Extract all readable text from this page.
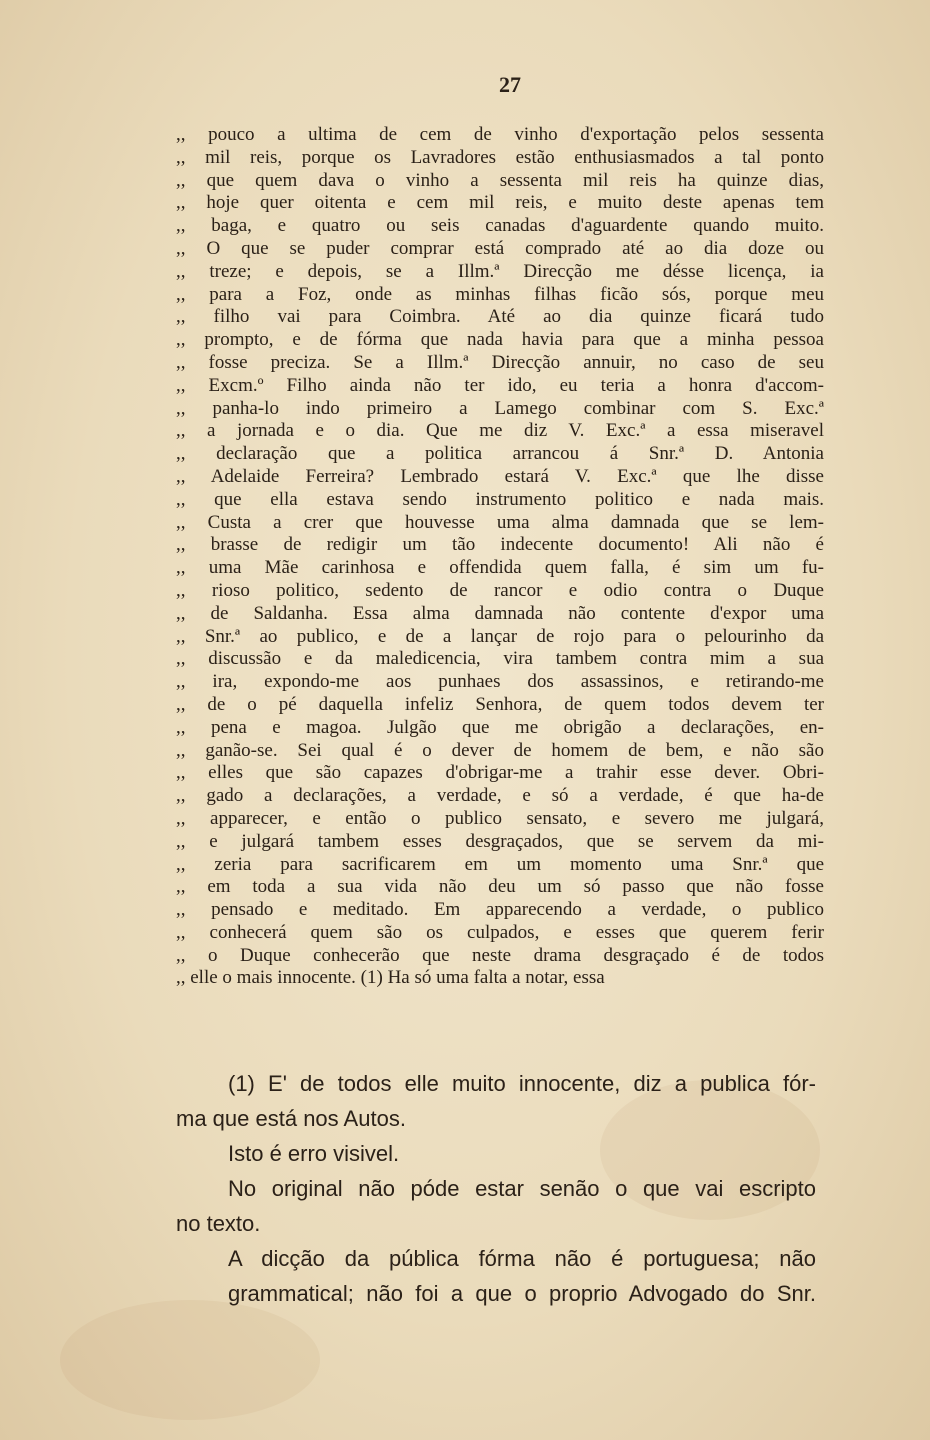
27
,, pouco a ultima de cem de vinho d'exportação pelos sessenta
,, mil reis, porque os Lavradores estão enthusiasmados a tal ponto
,, que quem dava o vinho a sessenta mil reis ha quinze dias,
,, hoje quer oitenta e cem mil reis, e muito deste apenas tem
,, baga, e quatro ou seis canadas d'aguardente quando muito.
,, O que se puder comprar está comprado até ao dia doze ou
,, treze; e depois, se a Illm.ª Direcção me désse licença, ia
,, para a Foz, onde as minhas filhas ficão sós, porque meu
,, filho vai para Coimbra. Até ao dia quinze ficará tudo
,, prompto, e de fórma que nada havia para que a minha pessoa
,, fosse preciza. Se a Illm.ª Direcção annuir, no caso de seu
,, Excm.º Filho ainda não ter ido, eu teria a honra d'accom-
,, panha-lo indo primeiro a Lamego combinar com S. Exc.ª
,, a jornada e o dia. Que me diz V. Exc.ª a essa miseravel
,, declaração que a politica arrancou á Snr.ª D. Antonia
,, Adelaide Ferreira? Lembrado estará V. Exc.ª que lhe disse
,, que ella estava sendo instrumento politico e nada mais.
,, Custa a crer que houvesse uma alma damnada que se lem-
,, brasse de redigir um tão indecente documento! Ali não é
,, uma Mãe carinhosa e offendida quem falla, é sim um fu-
,, rioso politico, sedento de rancor e odio contra o Duque
,, de Saldanha. Essa alma damnada não contente d'expor uma
,, Snr.ª ao publico, e de a lançar de rojo para o pelourinho da
,, discussão e da maledicencia, vira tambem contra mim a sua
,, ira, expondo-me aos punhaes dos assassinos, e retirando-me
,, de o pé daquella infeliz Senhora, de quem todos devem ter
,, pena e magoa. Julgão que me obrigão a declarações, en-
,, ganão-se. Sei qual é o dever de homem de bem, e não são
,, elles que são capazes d'obrigar-me a trahir esse dever. Obri-
,, gado a declarações, a verdade, e só a verdade, é que ha-de
,, apparecer, e então o publico sensato, e severo me julgará,
,, e julgará tambem esses desgraçados, que se servem da mi-
,, zeria para sacrificarem em um momento uma Snr.ª que
,, em toda a sua vida não deu um só passo que não fosse
,, pensado e meditado. Em apparecendo a verdade, o publico
,, conhecerá quem são os culpados, e esses que querem ferir
,, o Duque conhecerão que neste drama desgraçado é de todos
,, elle o mais innocente. (1) Ha só uma falta a notar, essa
(1) E' de todos elle muito innocente, diz a publica fór-
ma que está nos Autos.
Isto é erro visivel.
No original não póde estar senão o que vai escripto
no texto.
A dicção da pública fórma não é portuguesa; não
grammatical; não foi a que o proprio Advogado do Snr.
